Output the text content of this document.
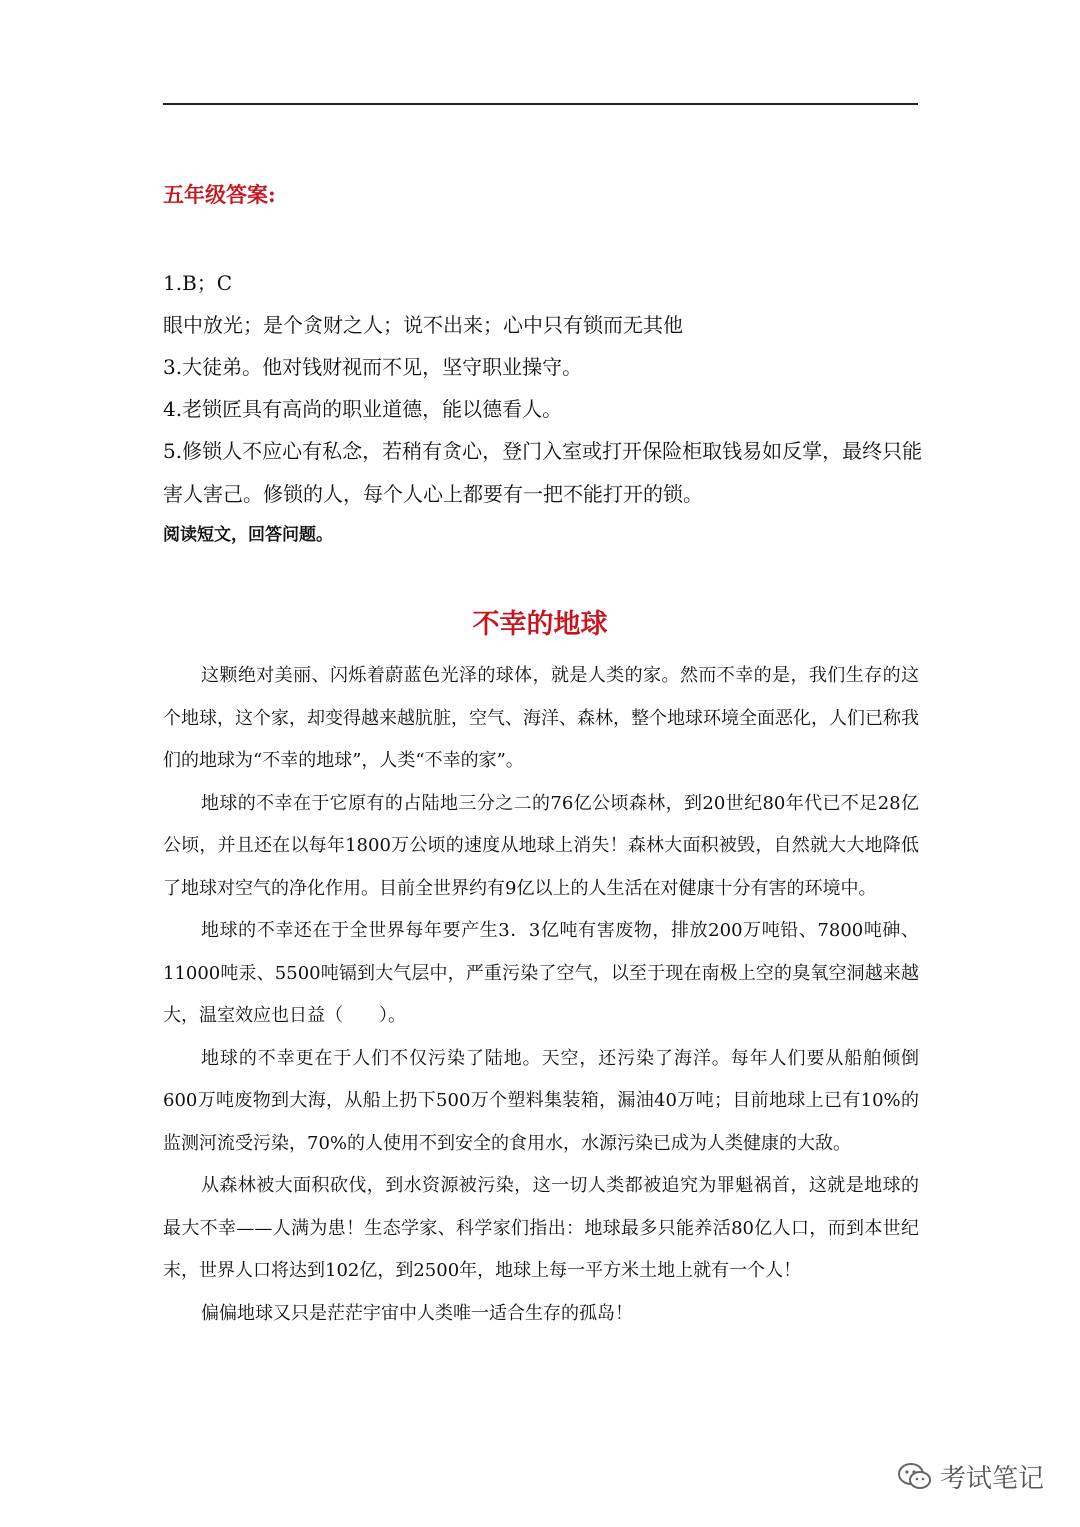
五年级答案:

1.B；C

眼中放光；是个贪财之人；说不出来；心中只有锁而无其他

3.大徒弟。他对钱财视而不见，坚守职业操守。

4.老锁匠具有高尚的职业道德，能以德看人。

5.修锁人不应心有私念，若稍有贪心，登门入室或打开保险柜取钱易如反掌，最终只能害人害己。修锁的人，每个人心上都要有一把不能打开的锁。

阅读短文，回答问题。

不幸的地球

这颗绝对美丽、闪烁着蔚蓝色光泽的球体，就是人类的家。然而不幸的是，我们生存的这个地球，这个家，却变得越来越肮脏，空气、海洋、森林，整个地球环境全面恶化，人们已称我们的地球为“不幸的地球”，人类“不幸的家”。

地球的不幸在于它原有的占陆地三分之二的76亿公顷森林，到20世纪80年代已不足28亿公顷，并且还在以每年1800万公顷的速度从地球上消失！森林大面积被毁，自然就大大地降低了地球对空气的净化作用。目前全世界约有9亿以上的人生活在对健康十分有害的环境中。

地球的不幸还在于全世界每年要产生3．3亿吨有害废物，排放200万吨铅、7800吨砷、11000吨汞、5500吨镉到大气层中，严重污染了空气，以至于现在南极上空的臭氧空洞越来越大，温室效应也日益（　　）。

地球的不幸更在于人们不仅污染了陆地。天空，还污染了海洋。每年人们要从船舶倾倒600万吨废物到大海，从船上扔下500万个塑料集装箱，漏油40万吨；目前地球上已有10%的监测河流受污染，70%的人使用不到安全的食用水，水源污染已成为人类健康的大敌。

从森林被大面积砍伐，到水资源被污染，这一切人类都被追究为罪魁祸首，这就是地球的最大不幸——人满为患！生态学家、科学家们指出：地球最多只能养活80亿人口，而到本世纪末，世界人口将达到102亿，到2500年，地球上每一平方米土地上就有一个人！

偏偏地球又只是茫茫宇宙中人类唯一适合生存的孤岛！

考试笔记
